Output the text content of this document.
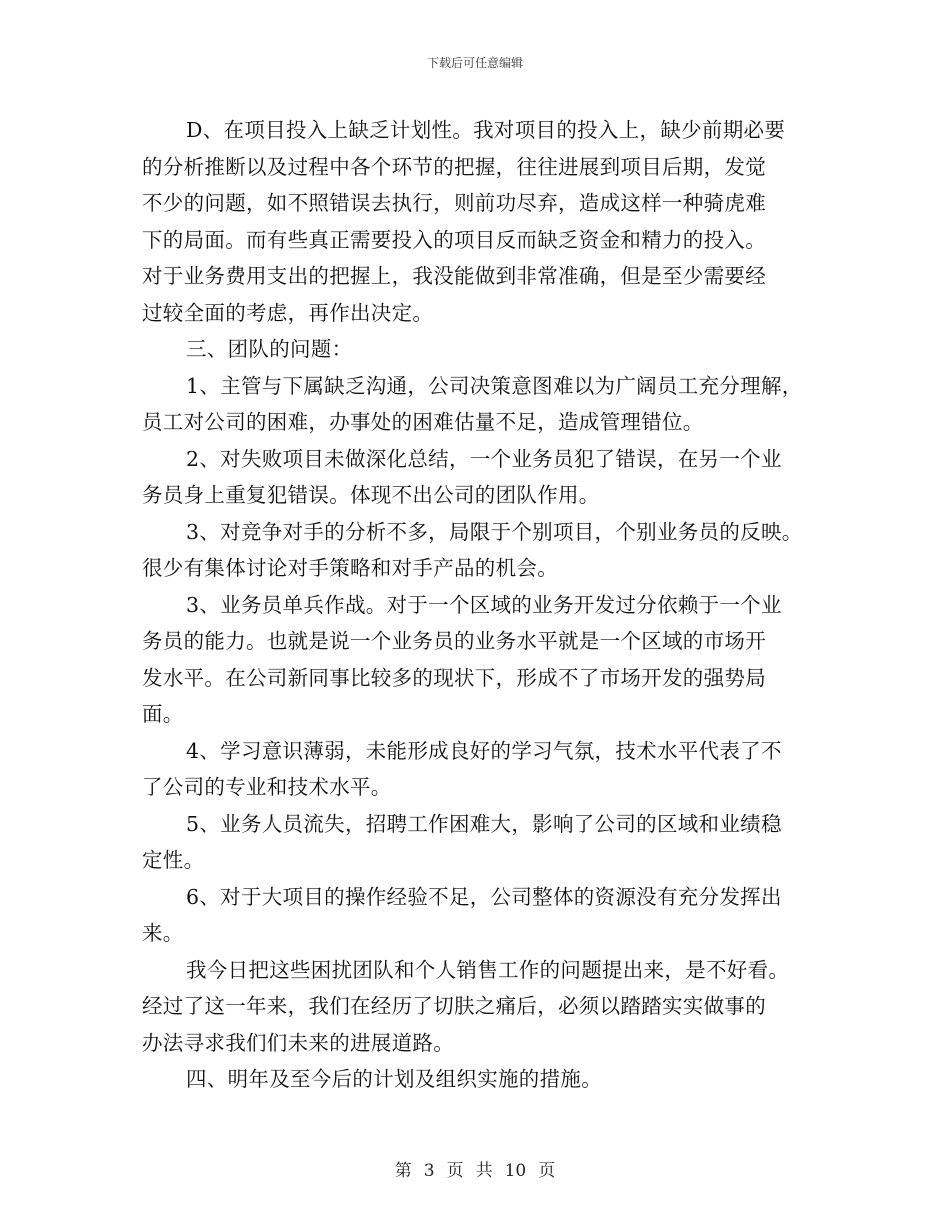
下载后可任意编辑
D、在项目投入上缺乏计划性。我对项目的投入上，缺少前期必要
的分析推断以及过程中各个环节的把握，往往进展到项目后期，发觉
不少的问题，如不照错误去执行，则前功尽弃，造成这样一种骑虎难
下的局面。而有些真正需要投入的项目反而缺乏资金和精力的投入。
对于业务费用支出的把握上，我没能做到非常准确，但是至少需要经
过较全面的考虑，再作出决定。
三、团队的问题：
1、主管与下属缺乏沟通，公司决策意图难以为广阔员工充分理解，
员工对公司的困难，办事处的困难估量不足，造成管理错位。
2、对失败项目未做深化总结，一个业务员犯了错误，在另一个业
务员身上重复犯错误。体现不出公司的团队作用。
3、对竞争对手的分析不多，局限于个别项目，个别业务员的反映。
很少有集体讨论对手策略和对手产品的机会。
3、业务员单兵作战。对于一个区域的业务开发过分依赖于一个业
务员的能力。也就是说一个业务员的业务水平就是一个区域的市场开
发水平。在公司新同事比较多的现状下，形成不了市场开发的强势局
面。
4、学习意识薄弱，未能形成良好的学习气氛，技术水平代表了不
了公司的专业和技术水平。
5、业务人员流失，招聘工作困难大，影响了公司的区域和业绩稳
定性。
6、对于大项目的操作经验不足，公司整体的资源没有充分发挥出
来。
我今日把这些困扰团队和个人销售工作的问题提出来，是不好看。
经过了这一年来，我们在经历了切肤之痛后，必须以踏踏实实做事的
办法寻求我们们未来的进展道路。
四、明年及至今后的计划及组织实施的措施。
第 3 页 共 10 页
